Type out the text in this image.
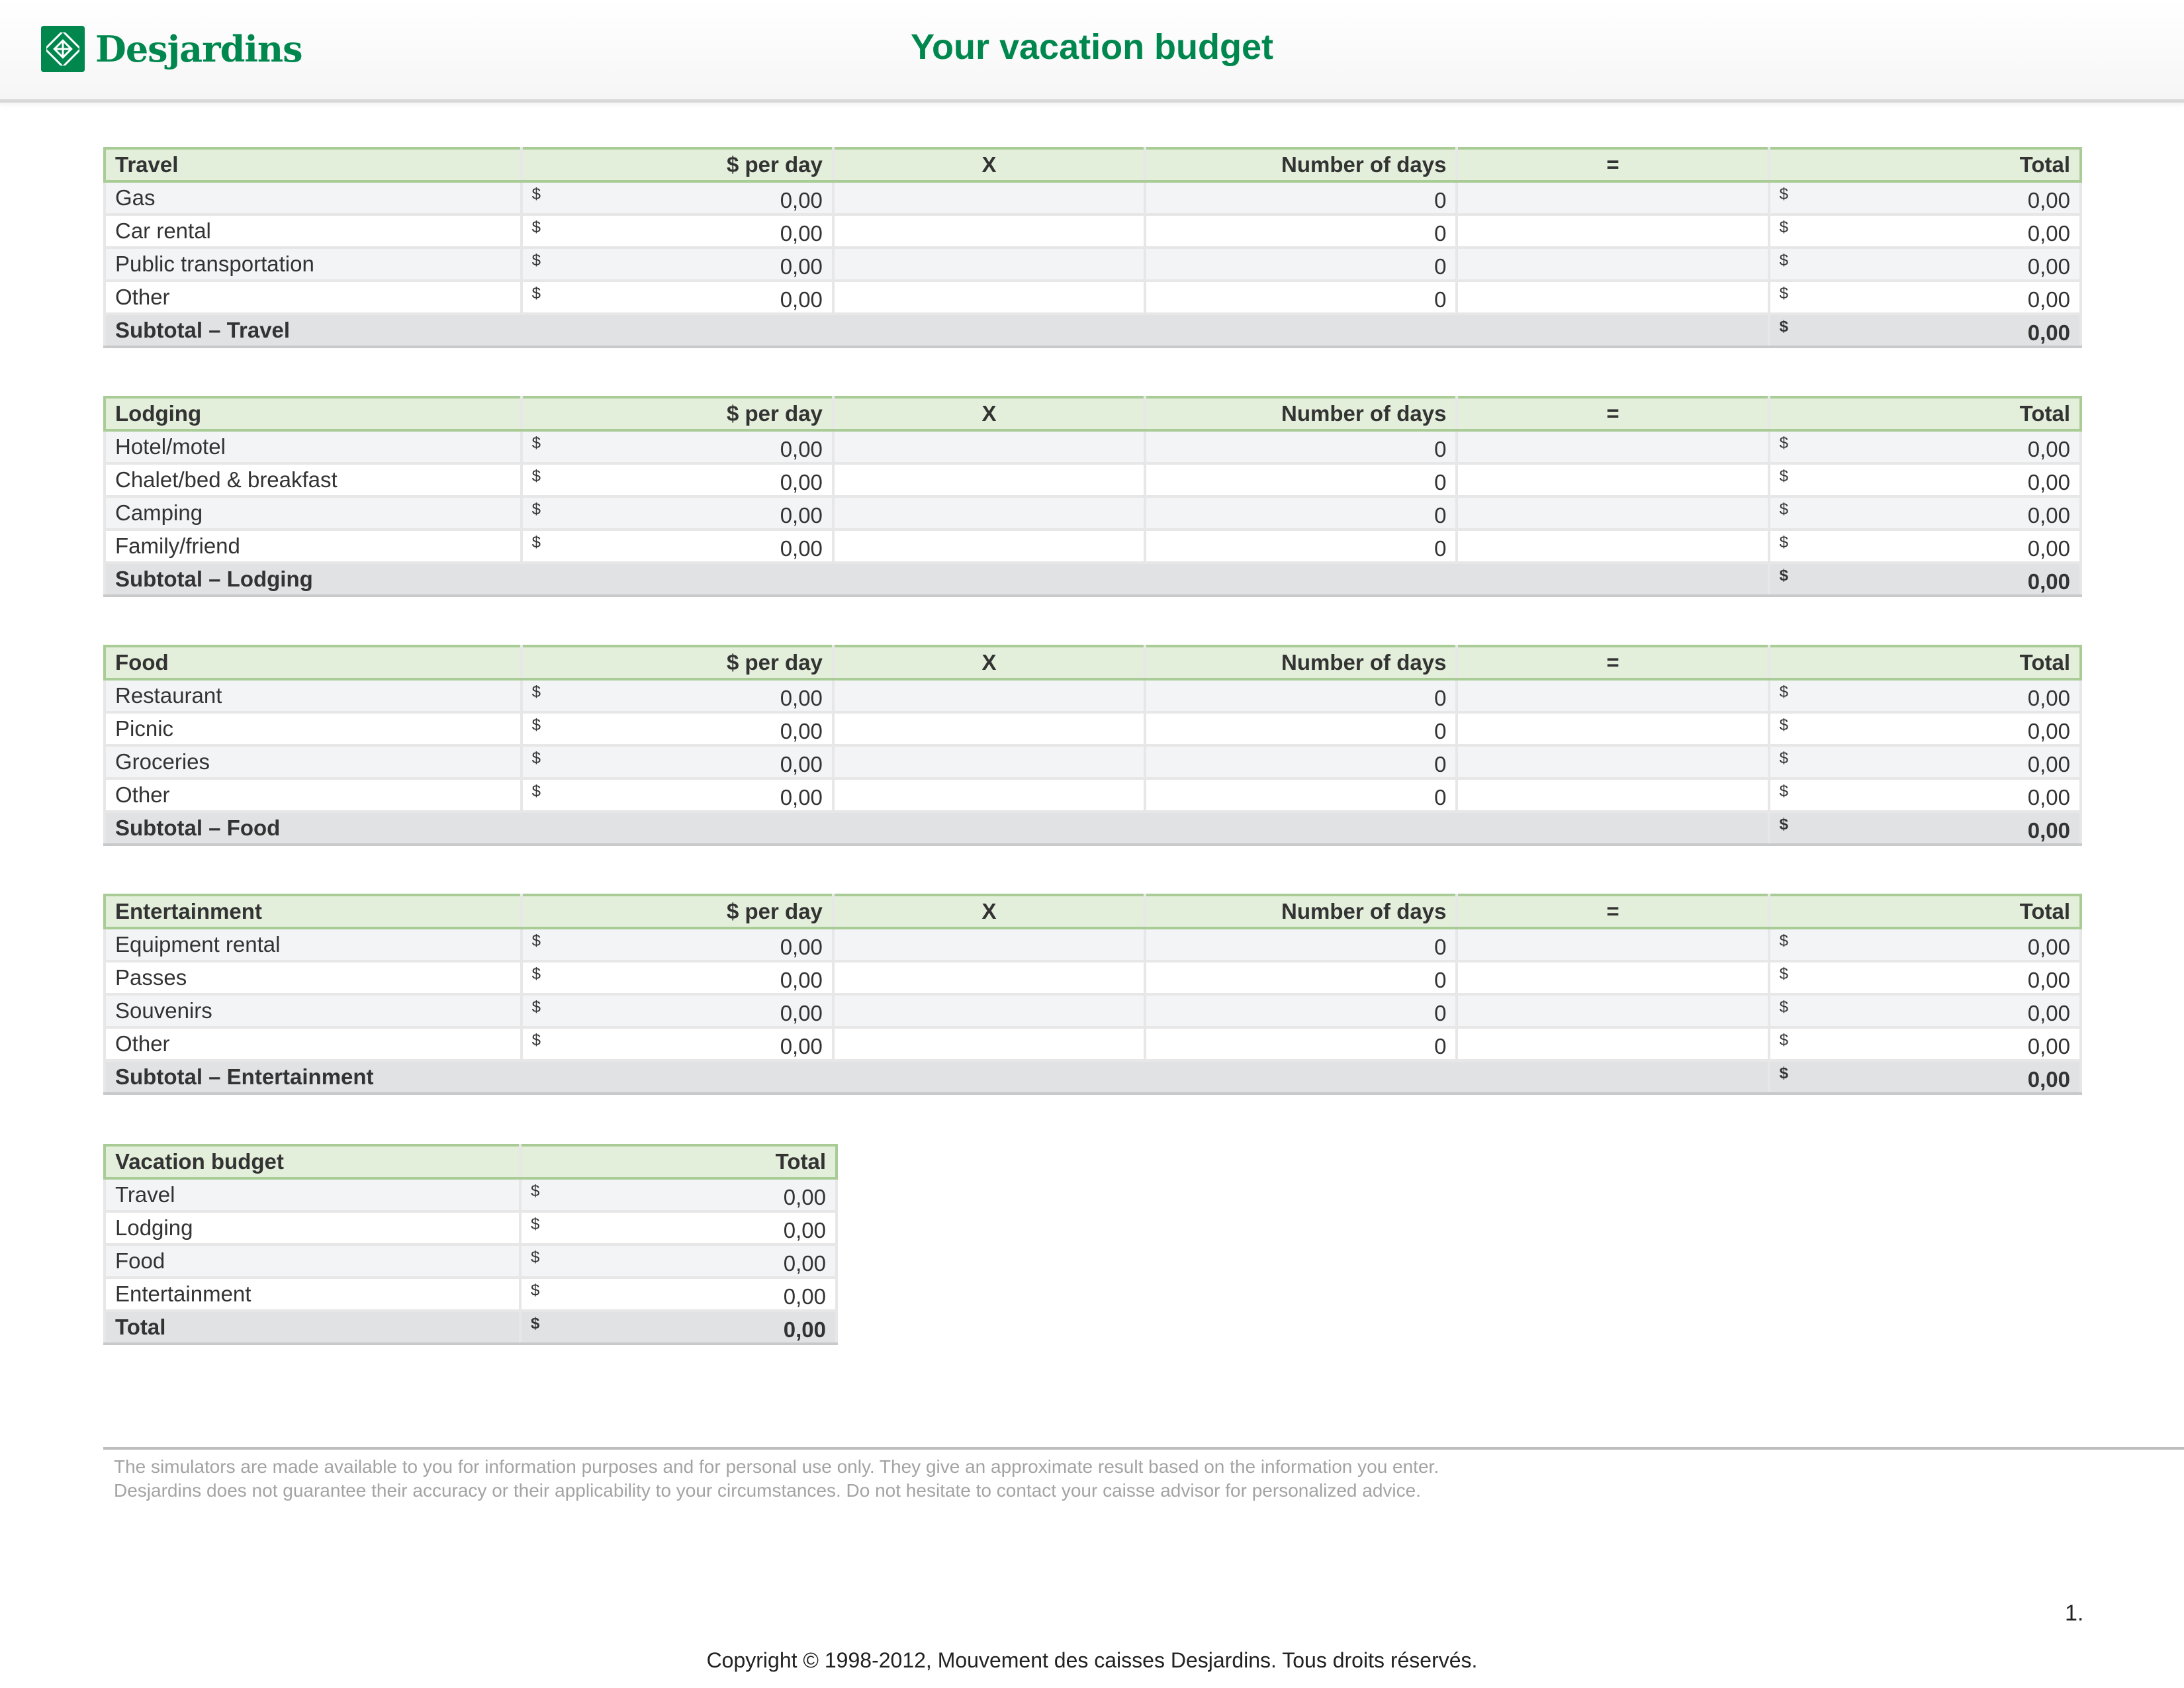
Desjardins	Your vacation budget
Travel	$ per day	X	Number of days	=	Total
Gas	$ 0,00		0		$ 0,00
Car rental	$ 0,00		0		$ 0,00
Public transportation	$ 0,00		0		$ 0,00
Other	$ 0,00		0		$ 0,00
Subtotal – Travel					$ 0,00
Lodging	$ per day	X	Number of days	=	Total
Hotel/motel	$ 0,00		0		$ 0,00
Chalet/bed & breakfast	$ 0,00		0		$ 0,00
Camping	$ 0,00		0		$ 0,00
Family/friend	$ 0,00		0		$ 0,00
Subtotal – Lodging					$ 0,00
Food	$ per day	X	Number of days	=	Total
Restaurant	$ 0,00		0		$ 0,00
Picnic	$ 0,00		0		$ 0,00
Groceries	$ 0,00		0		$ 0,00
Other	$ 0,00		0		$ 0,00
Subtotal – Food					$ 0,00
Entertainment	$ per day	X	Number of days	=	Total
Equipment rental	$ 0,00		0		$ 0,00
Passes	$ 0,00		0		$ 0,00
Souvenirs	$ 0,00		0		$ 0,00
Other	$ 0,00		0		$ 0,00
Subtotal – Entertainment					$ 0,00
Vacation budget	Total
Travel	$ 0,00
Lodging	$ 0,00
Food	$ 0,00
Entertainment	$ 0,00
Total	$ 0,00
The simulators are made available to you for information purposes and for personal use only. They give an approximate result based on the information you enter.
Desjardins does not guarantee their accuracy or their applicability to your circumstances. Do not hesitate to contact your caisse advisor for personalized advice.
1.
Copyright © 1998-2012, Mouvement des caisses Desjardins. Tous droits réservés.
